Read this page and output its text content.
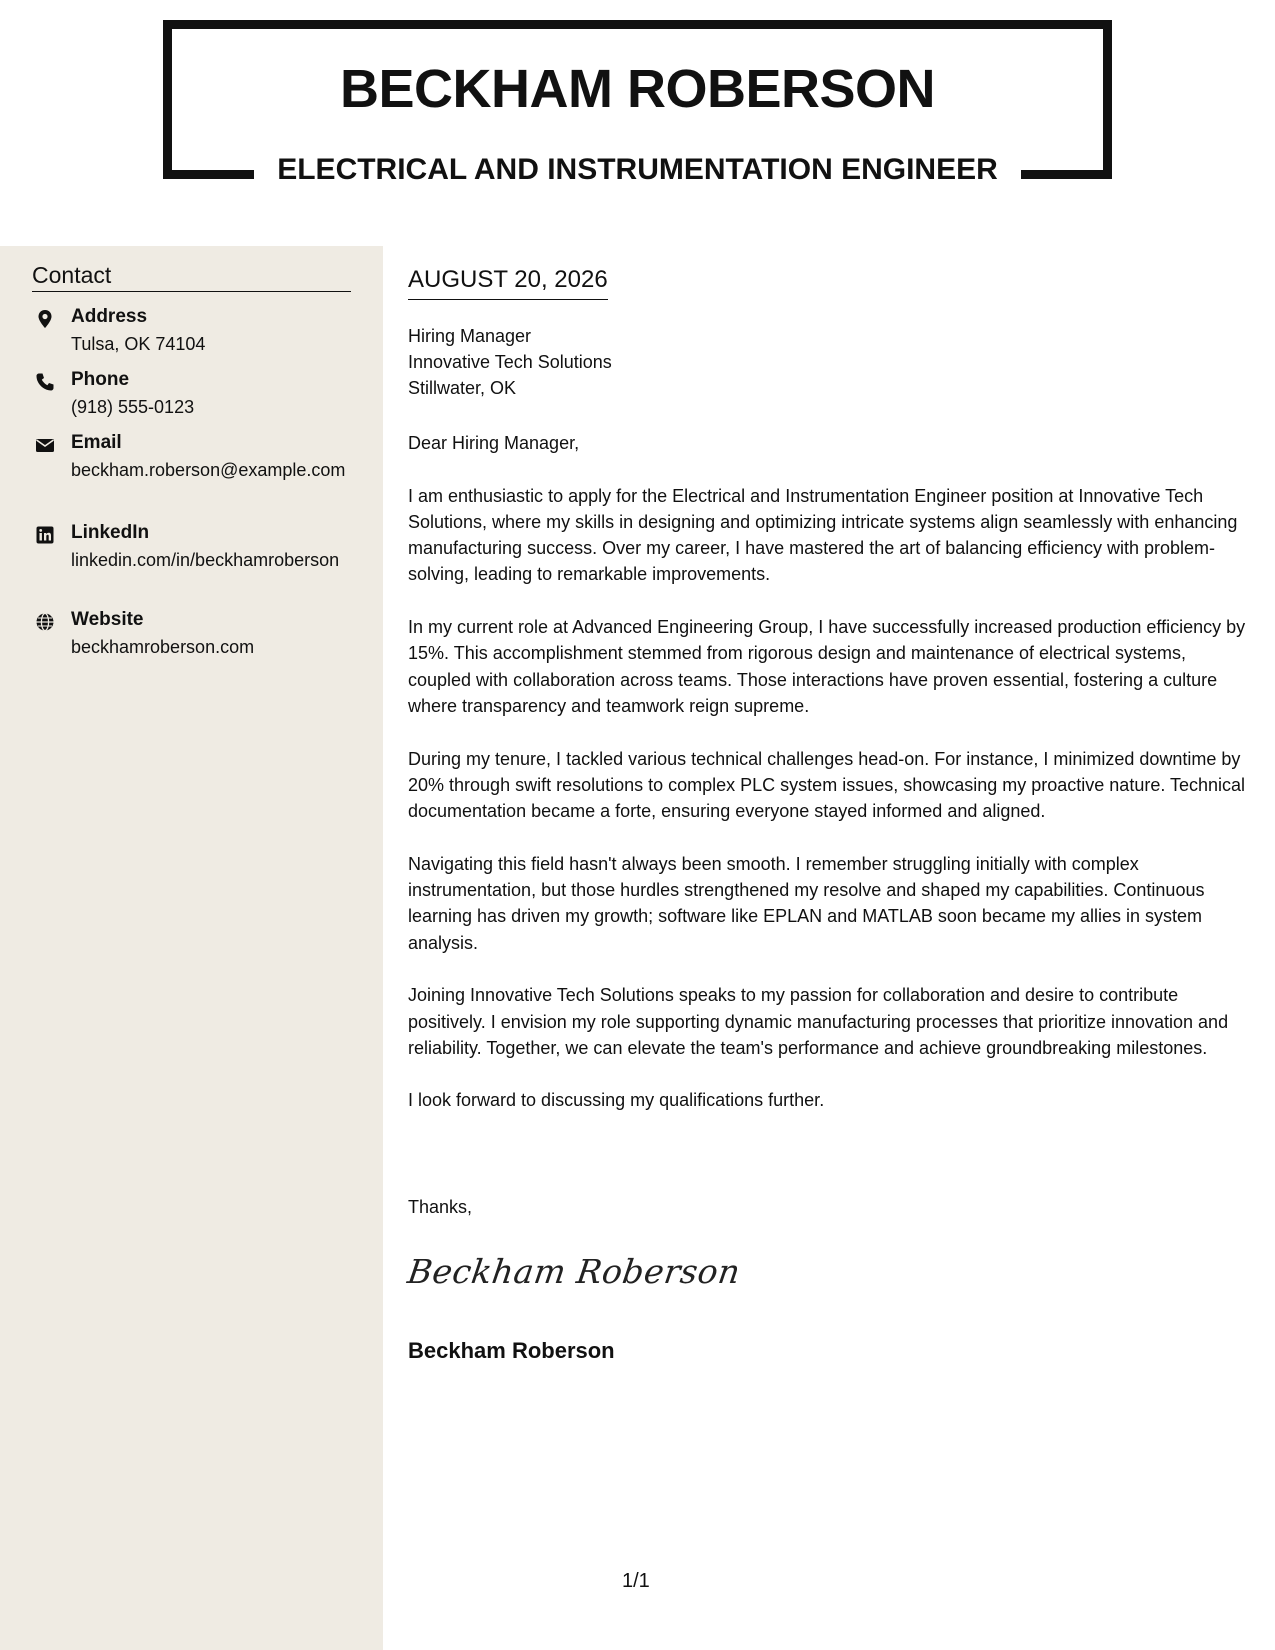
BECKHAM ROBERSON
ELECTRICAL AND INSTRUMENTATION ENGINEER
Contact
Address
Tulsa, OK 74104
Phone
(918) 555-0123
Email
beckham.roberson@example.com
LinkedIn
linkedin.com/in/beckhamroberson
Website
beckhamroberson.com
AUGUST 20, 2026
Hiring Manager
Innovative Tech Solutions
Stillwater, OK

Dear Hiring Manager,

I am enthusiastic to apply for the Electrical and Instrumentation Engineer position at Innovative Tech Solutions, where my skills in designing and optimizing intricate systems align seamlessly with enhancing manufacturing success. Over my career, I have mastered the art of balancing efficiency with problem-solving, leading to remarkable improvements.

In my current role at Advanced Engineering Group, I have successfully increased production efficiency by 15%. This accomplishment stemmed from rigorous design and maintenance of electrical systems, coupled with collaboration across teams. Those interactions have proven essential, fostering a culture where transparency and teamwork reign supreme.

During my tenure, I tackled various technical challenges head-on. For instance, I minimized downtime by 20% through swift resolutions to complex PLC system issues, showcasing my proactive nature. Technical documentation became a forte, ensuring everyone stayed informed and aligned.

Navigating this field hasn't always been smooth. I remember struggling initially with complex instrumentation, but those hurdles strengthened my resolve and shaped my capabilities. Continuous learning has driven my growth; software like EPLAN and MATLAB soon became my allies in system analysis.

Joining Innovative Tech Solutions speaks to my passion for collaboration and desire to contribute positively. I envision my role supporting dynamic manufacturing processes that prioritize innovation and reliability. Together, we can elevate the team's performance and achieve groundbreaking milestones.

I look forward to discussing my qualifications further.

Thanks,
Beckham Roberson
Beckham Roberson
1/1
